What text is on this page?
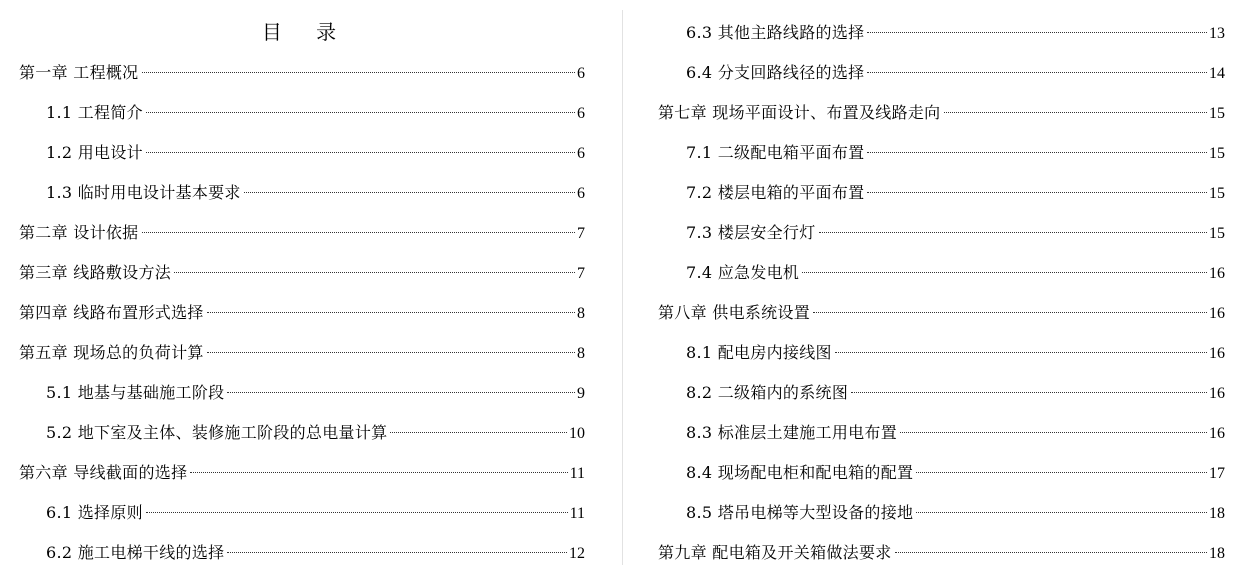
目 录
第一章 工程概况	6
1.1 工程简介	6
1.2 用电设计	6
1.3 临时用电设计基本要求	6
第二章 设计依据	7
第三章 线路敷设方法	7
第四章 线路布置形式选择	8
第五章 现场总的负荷计算	8
5.1 地基与基础施工阶段	9
5.2 地下室及主体、装修施工阶段的总电量计算	10
第六章 导线截面的选择	11
6.1 选择原则	11
6.2 施工电梯干线的选择	12
6.3 其他主路线路的选择	13
6.4 分支回路线径的选择	14
第七章 现场平面设计、布置及线路走向	15
7.1 二级配电箱平面布置	15
7.2 楼层电箱的平面布置	15
7.3 楼层安全行灯	15
7.4 应急发电机	16
第八章 供电系统设置	16
8.1 配电房内接线图	16
8.2 二级箱内的系统图	16
8.3 标准层土建施工用电布置	16
8.4 现场配电柜和配电箱的配置	17
8.5 塔吊电梯等大型设备的接地	18
第九章 配电箱及开关箱做法要求	18
